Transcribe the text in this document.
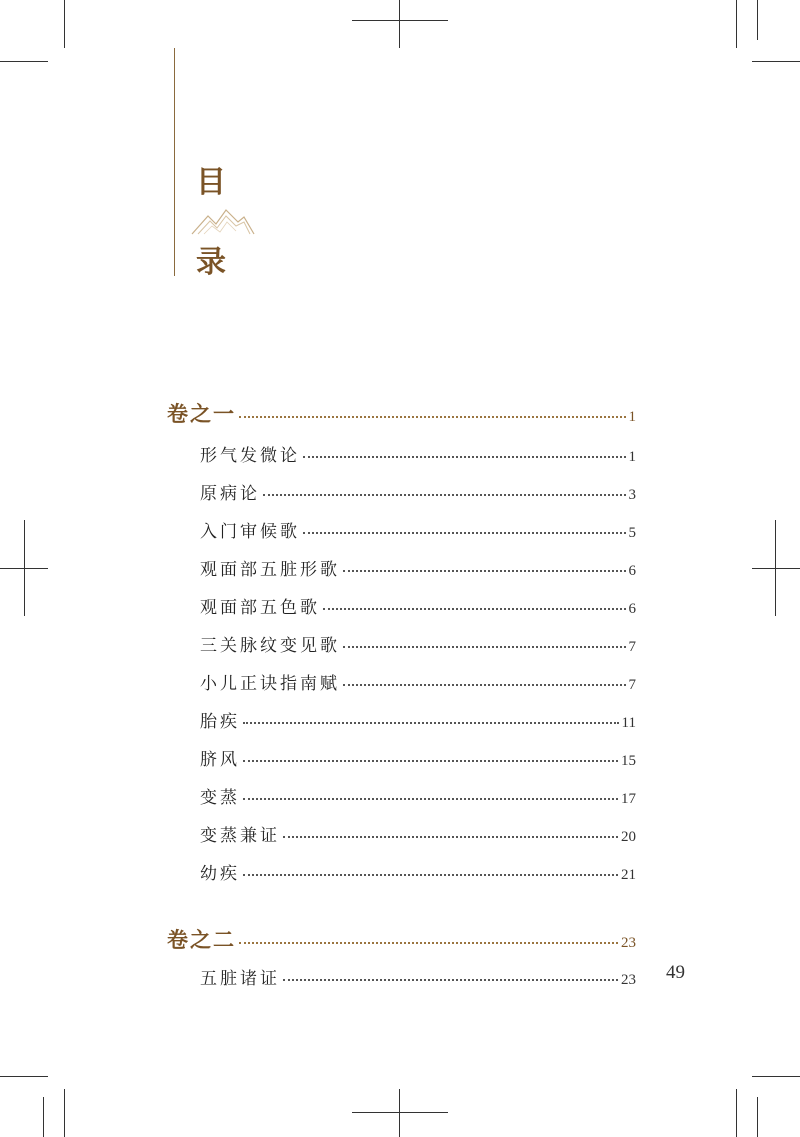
目
录
卷之一	1
形气发微论	1
原病论	3
入门审候歌	5
观面部五脏形歌	6
观面部五色歌	6
三关脉纹变见歌	7
小儿正诀指南赋	7
胎疾	11
脐风	15
变蒸	17
变蒸兼证	20
幼疾	21
卷之二	23
五脏诸证	23 49
